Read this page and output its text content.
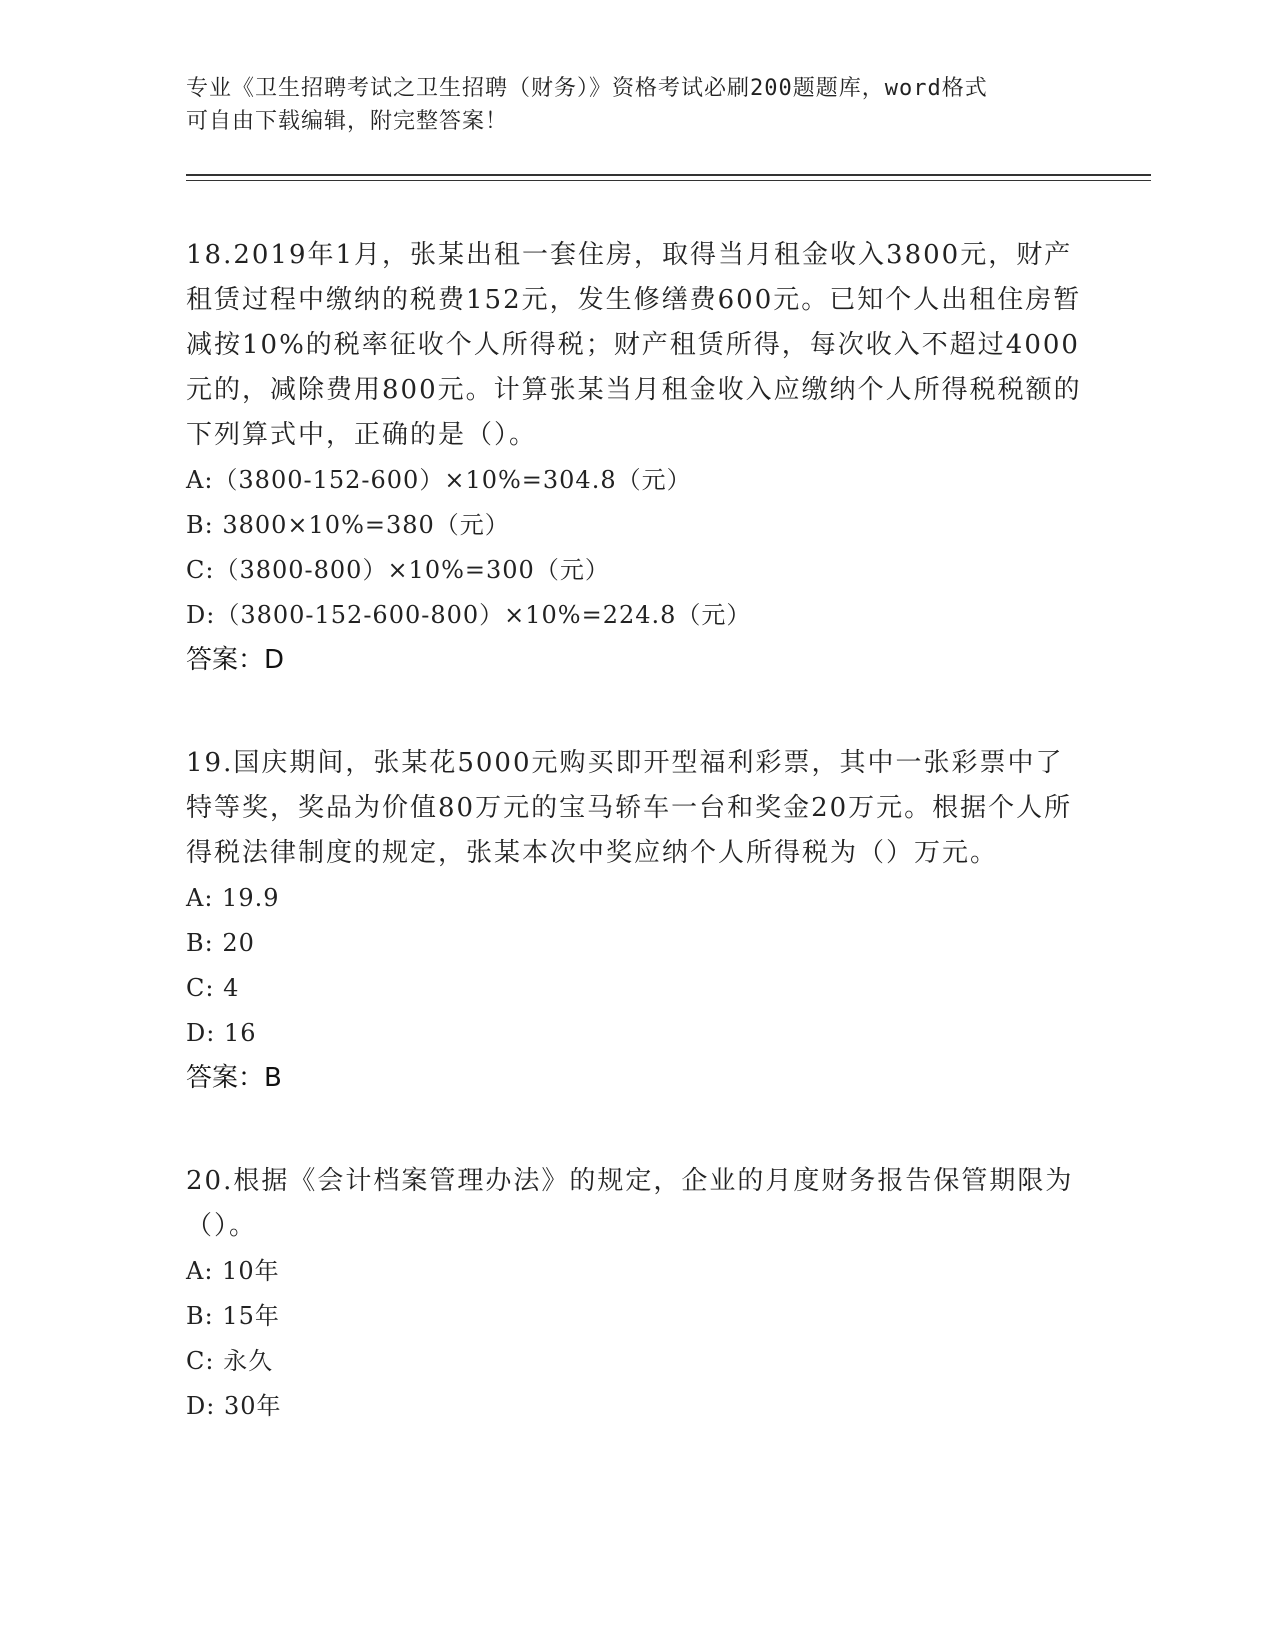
专业《卫生招聘考试之卫生招聘（财务）》资格考试必刷200题题库，word格式
可自由下载编辑，附完整答案！

18.2019年1月，张某出租一套住房，取得当月租金收入3800元，财产租赁过程中缴纳的税费152元，发生修缮费600元。已知个人出租住房暂减按10%的税率征收个人所得税；财产租赁所得，每次收入不超过4000元的，减除费用800元。计算张某当月租金收入应缴纳个人所得税税额的下列算式中，正确的是（）。

A:（3800-152-600）×10%=304.8（元）
B: 3800×10%=380（元）
C:（3800-800）×10%=300（元）
D:（3800-152-600-800）×10%=224.8（元）

答案：D

19.国庆期间，张某花5000元购买即开型福利彩票，其中一张彩票中了特等奖，奖品为价值80万元的宝马轿车一台和奖金20万元。根据个人所得税法律制度的规定，张某本次中奖应纳个人所得税为（）万元。

A: 19.9
B: 20
C: 4
D: 16

答案：B

20.根据《会计档案管理办法》的规定，企业的月度财务报告保管期限为（）。

A: 10年
B: 15年
C: 永久
D: 30年
